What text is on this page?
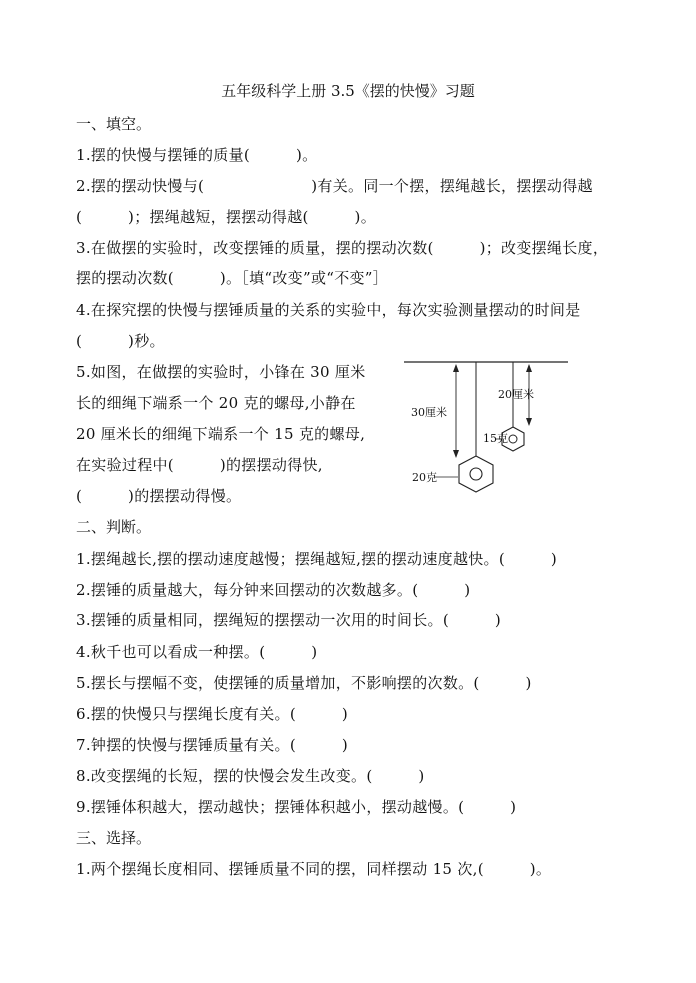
五年级科学上册 3.5《摆的快慢》习题
一、填空。
1.摆的快慢与摆锤的质量(　　　)。
2.摆的摆动快慢与(　　　　　　　)有关。同一个摆，摆绳越长，摆摆动得越
(　　　)；摆绳越短，摆摆动得越(　　　)。
3.在做摆的实验时，改变摆锤的质量，摆的摆动次数(　　　)；改变摆绳长度，
摆的摆动次数(　　　)。［填“改变”或“不变”］
4.在探究摆的快慢与摆锤质量的关系的实验中，每次实验测量摆动的时间是
(　　　)秒。
5.如图，在做摆的实验时，小锋在 30 厘米
长的细绳下端系一个 20 克的螺母,小静在
20 厘米长的细绳下端系一个 15 克的螺母,
在实验过程中(　　　)的摆摆动得快,
(　　　)的摆摆动得慢。
30厘米
20厘米
20克
15克
二、判断。
1.摆绳越长,摆的摆动速度越慢；摆绳越短,摆的摆动速度越快。(　　　)
2.摆锤的质量越大，每分钟来回摆动的次数越多。(　　　)
3.摆锤的质量相同，摆绳短的摆摆动一次用的时间长。(　　　)
4.秋千也可以看成一种摆。(　　　)
5.摆长与摆幅不变，使摆锤的质量增加，不影响摆的次数。(　　　)
6.摆的快慢只与摆绳长度有关。(　　　)
7.钟摆的快慢与摆锤质量有关。(　　　)
8.改变摆绳的长短，摆的快慢会发生改变。(　　　)
9.摆锤体积越大，摆动越快；摆锤体积越小，摆动越慢。(　　　)
三、选择。
1.两个摆绳长度相同、摆锤质量不同的摆，同样摆动 15 次,(　　　)。
